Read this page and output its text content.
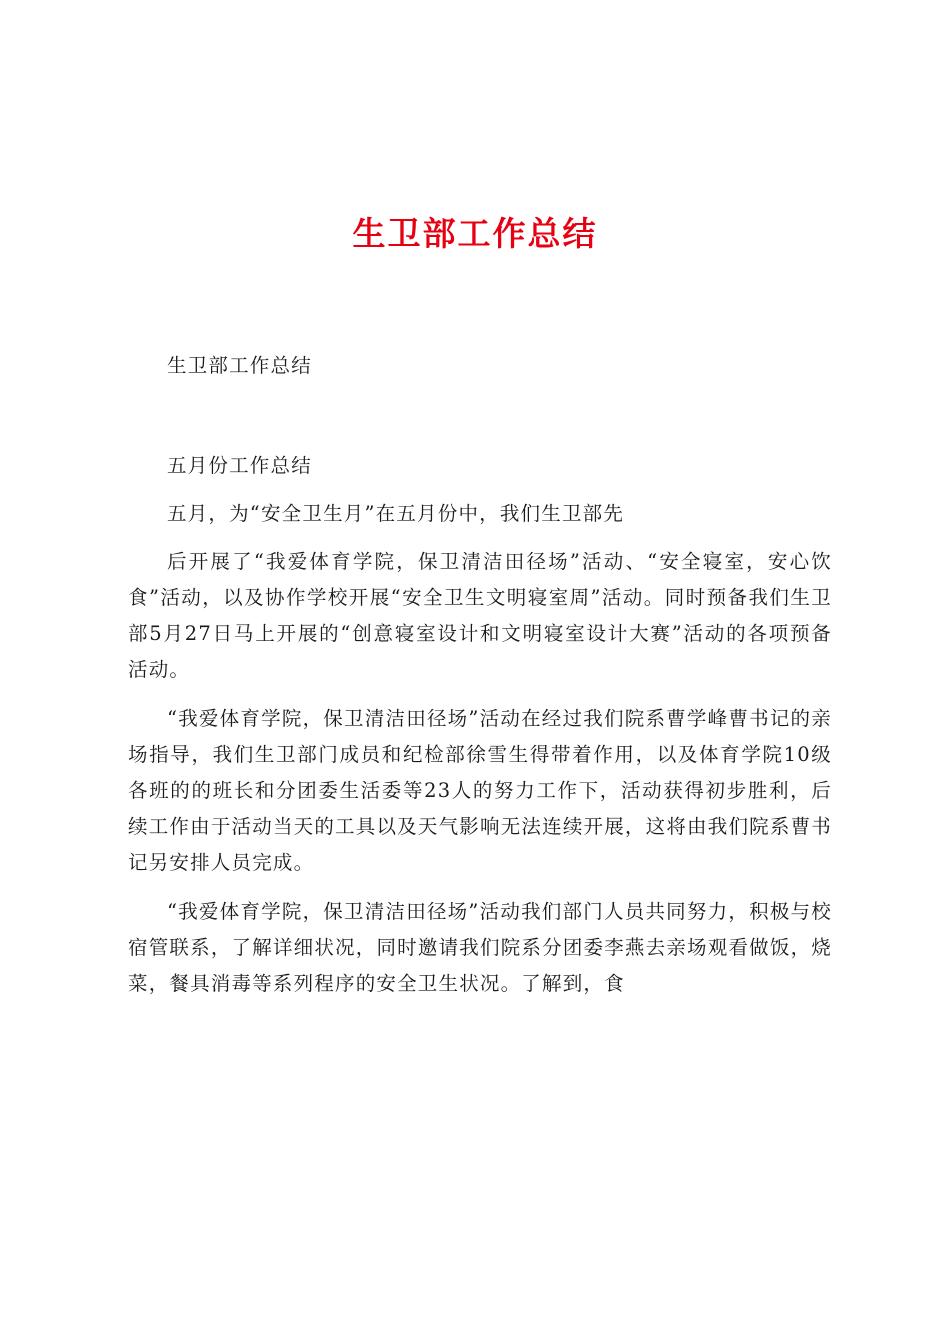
生卫部工作总结

生卫部工作总结

五月份工作总结

五月，为“安全卫生月”在五月份中，我们生卫部先

后开展了“我爱体育学院，保卫清洁田径场”活动、“安全寝室，安心饮食”活动，以及协作学校开展“安全卫生文明寝室周”活动。同时预备我们生卫部5月27日马上开展的“创意寝室设计和文明寝室设计大赛”活动的各项预备活动。

“我爱体育学院，保卫清洁田径场”活动在经过我们院系曹学峰曹书记的亲场指导，我们生卫部门成员和纪检部徐雪生得带着作用，以及体育学院10级各班的的班长和分团委生活委等23人的努力工作下，活动获得初步胜利，后续工作由于活动当天的工具以及天气影响无法连续开展，这将由我们院系曹书记另安排人员完成。

“我爱体育学院，保卫清洁田径场”活动我们部门人员共同努力，积极与校宿管联系，了解详细状况，同时邀请我们院系分团委李燕去亲场观看做饭，烧菜，餐具消毒等系列程序的安全卫生状况。了解到，食
